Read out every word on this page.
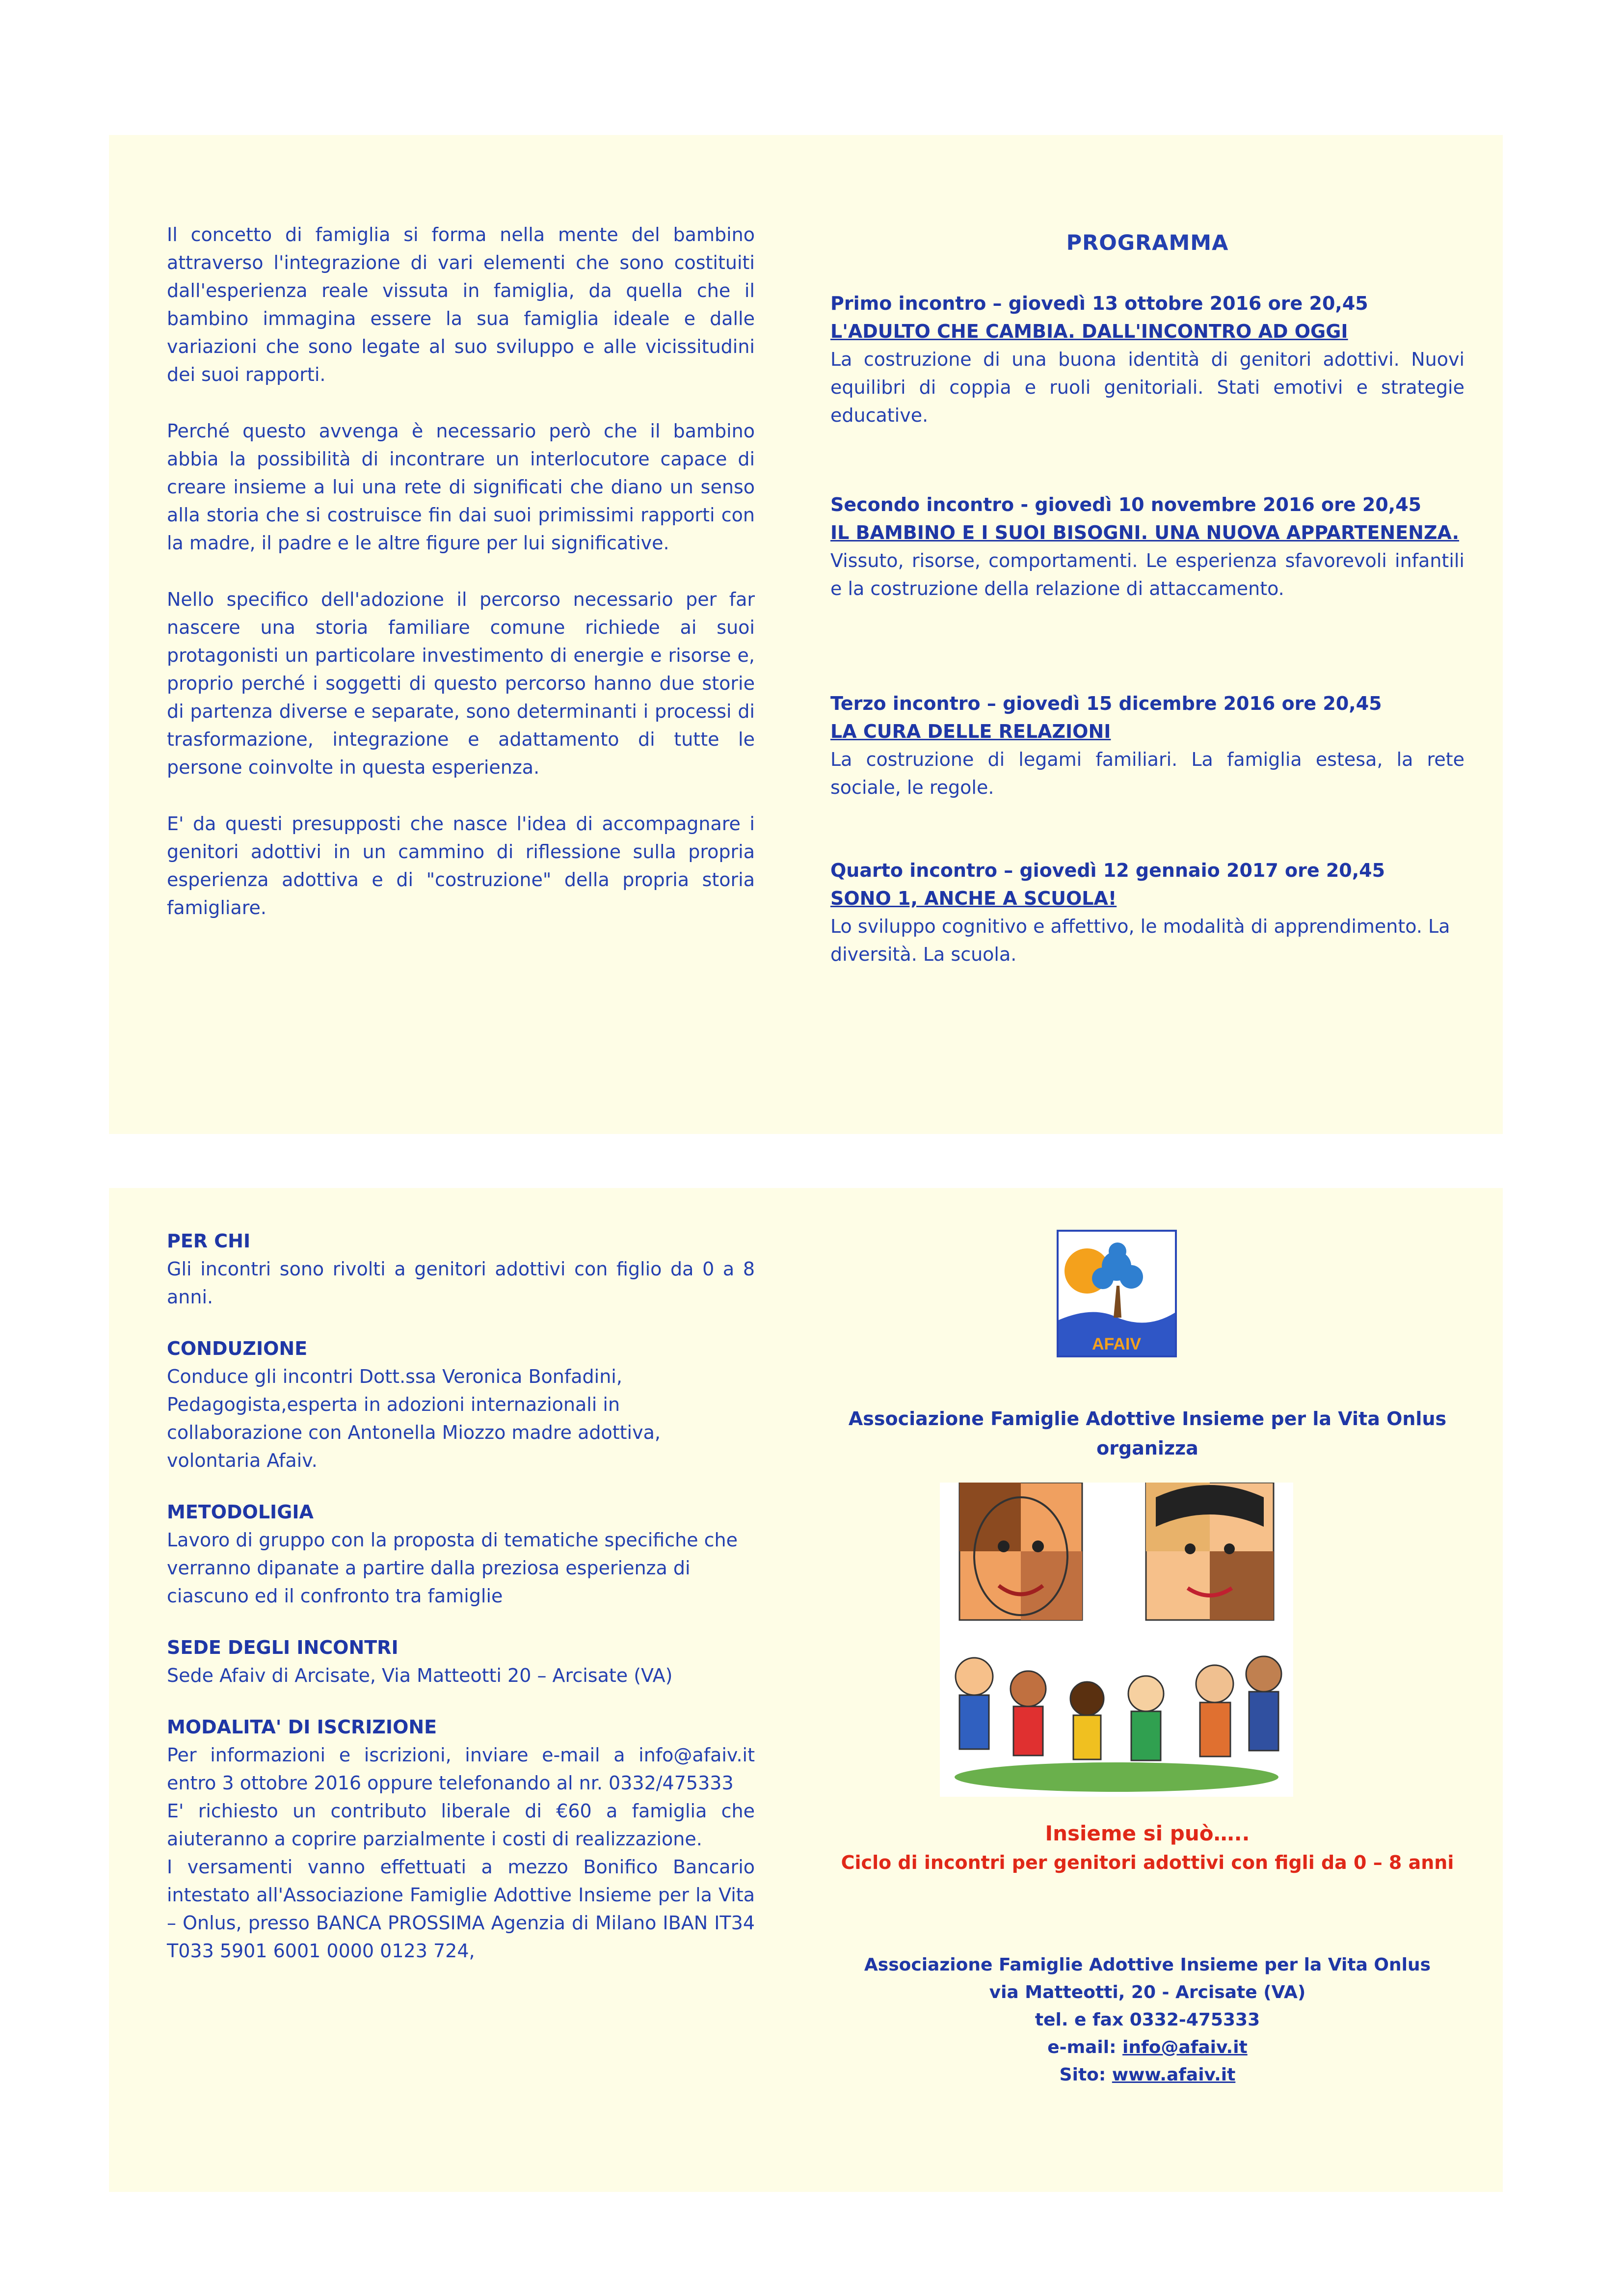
Il concetto di famiglia si forma nella mente del bambino attraverso l'integrazione di vari elementi che sono costituiti dall'esperienza reale vissuta in famiglia, da quella che il bambino immagina essere la sua famiglia ideale e dalle variazioni che sono legate al suo sviluppo e alle vicissitudini dei suoi rapporti.

Perché questo avvenga è necessario però che il bambino abbia la possibilità di incontrare un interlocutore capace di creare insieme a lui una rete di significati che diano un senso alla storia che si costruisce fin dai suoi primissimi rapporti con la madre, il padre e le altre figure per lui significative.

Nello specifico dell'adozione il percorso necessario per far nascere una storia familiare comune richiede ai suoi protagonisti un particolare investimento di energie e risorse e, proprio perché i soggetti di questo percorso hanno due storie di partenza diverse e separate, sono determinanti i processi di trasformazione, integrazione e adattamento di tutte le persone coinvolte in questa esperienza.

E' da questi presupposti che nasce l'idea di accompagnare i genitori adottivi in un cammino di riflessione sulla propria esperienza adottiva e di "costruzione" della propria storia famigliare.

PROGRAMMA
Primo incontro – giovedì 13 ottobre 2016 ore 20,45
L'ADULTO CHE CAMBIA. DALL'INCONTRO AD OGGI
La costruzione di una buona identità di genitori adottivi. Nuovi equilibri di coppia e ruoli genitoriali. Stati emotivi e strategie educative.
Secondo incontro - giovedì 10 novembre 2016 ore 20,45
IL BAMBINO E I SUOI BISOGNI. UNA NUOVA APPARTENENZA.
Vissuto, risorse, comportamenti. Le esperienza sfavorevoli infantili e la costruzione della relazione di attaccamento.
Terzo incontro – giovedì 15 dicembre 2016 ore 20,45
LA CURA DELLE RELAZIONI
La costruzione di legami familiari. La famiglia estesa, la rete sociale, le regole.
Quarto incontro – giovedì 12 gennaio 2017 ore 20,45
SONO 1, ANCHE A SCUOLA!
Lo sviluppo cognitivo e affettivo, le modalità di apprendimento. La diversità. La scuola.
PER CHI
Gli incontri sono rivolti a genitori adottivi con figlio da 0 a 8 anni.
CONDUZIONE
Conduce gli incontri Dott.ssa Veronica Bonfadini, Pedagogista,esperta in adozioni internazionali in collaborazione con Antonella Miozzo madre adottiva, volontaria Afaiv.
METODOLIGIA
Lavoro di gruppo con la proposta di tematiche specifiche che verranno dipanate a partire dalla preziosa esperienza di ciascuno ed il confronto tra famiglie
SEDE DEGLI INCONTRI
Sede Afaiv di Arcisate, Via Matteotti 20 – Arcisate (VA)
MODALITA' DI ISCRIZIONE
Per informazioni e iscrizioni, inviare e-mail a info@afaiv.it entro 3 ottobre 2016 oppure telefonando al nr. 0332/475333
E' richiesto un contributo liberale di €60 a famiglia che aiuteranno a coprire parzialmente i costi di realizzazione.
I versamenti vanno effettuati a mezzo Bonifico Bancario intestato all'Associazione Famiglie Adottive Insieme per la Vita – Onlus, presso BANCA PROSSIMA Agenzia di Milano IBAN IT34 T033 5901 6001 0000 0123 724,
AFAIV
Associazione Famiglie Adottive Insieme per la Vita Onlus
organizza
Insieme si può…..
Ciclo di incontri per genitori adottivi con figli da 0 – 8 anni
Associazione Famiglie Adottive Insieme per la Vita Onlus
via Matteotti, 20 - Arcisate (VA)
tel. e fax 0332-475333
e-mail: info@afaiv.it
Sito: www.afaiv.it
